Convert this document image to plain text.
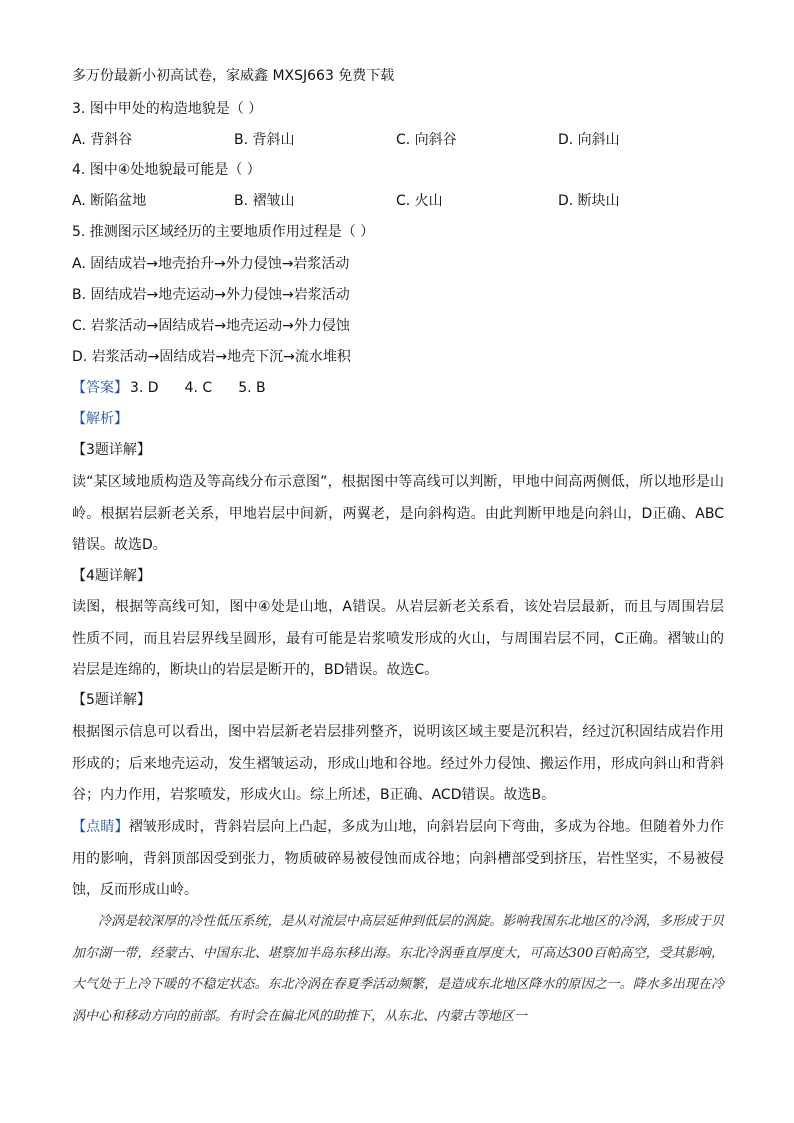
多万份最新小初高试卷，家威鑫 MXSJ663 免费下载
3. 图中甲处的构造地貌是（ ）
A. 背斜谷	B. 背斜山	C. 向斜谷	D. 向斜山
4. 图中④处地貌最可能是（ ）
A. 断陷盆地	B. 褶皱山	C. 火山	D. 断块山
5. 推测图示区域经历的主要地质作用过程是（ ）
A. 固结成岩→地壳抬升→外力侵蚀→岩浆活动
B. 固结成岩→地壳运动→外力侵蚀→岩浆活动
C. 岩浆活动→固结成岩→地壳运动→外力侵蚀
D. 岩浆活动→固结成岩→地壳下沉→流水堆积
【答案】 3. D 4. C 5. B
【解析】
【3题详解】
读“某区域地质构造及等高线分布示意图”，根据图中等高线可以判断，甲地中间高两侧低，所以地形是山岭。根据岩层新老关系，甲地岩层中间新，两翼老，是向斜构造。由此判断甲地是向斜山，D正确、ABC错误。故选D。
【4题详解】
读图，根据等高线可知，图中④处是山地，A错误。从岩层新老关系看，该处岩层最新，而且与周围岩层性质不同，而且岩层界线呈圆形，最有可能是岩浆喷发形成的火山，与周围岩层不同，C正确。褶皱山的岩层是连绵的，断块山的岩层是断开的，BD错误。故选C。
【5题详解】
根据图示信息可以看出，图中岩层新老岩层排列整齐，说明该区域主要是沉积岩，经过沉积固结成岩作用形成的；后来地壳运动，发生褶皱运动，形成山地和谷地。经过外力侵蚀、搬运作用，形成向斜山和背斜谷；内力作用，岩浆喷发，形成火山。综上所述，B正确、ACD错误。故选B。
【点睛】褶皱形成时，背斜岩层向上凸起，多成为山地，向斜岩层向下弯曲，多成为谷地。但随着外力作用的影响，背斜顶部因受到张力，物质破碎易被侵蚀而成谷地；向斜槽部受到挤压，岩性坚实，不易被侵蚀，反而形成山岭。
冷涡是较深厚的冷性低压系统，是从对流层中高层延伸到低层的涡旋。影响我国东北地区的冷涡，多形成于贝加尔湖一带，经蒙古、中国东北、堪察加半岛东移出海。东北冷涡垂直厚度大，可高达300百帕高空，受其影响，大气处于上冷下暖的不稳定状态。东北冷涡在春夏季活动频繁，是造成东北地区降水的原因之一。降水多出现在冷涡中心和移动方向的前部。有时会在偏北风的助推下，从东北、内蒙古等地区一
